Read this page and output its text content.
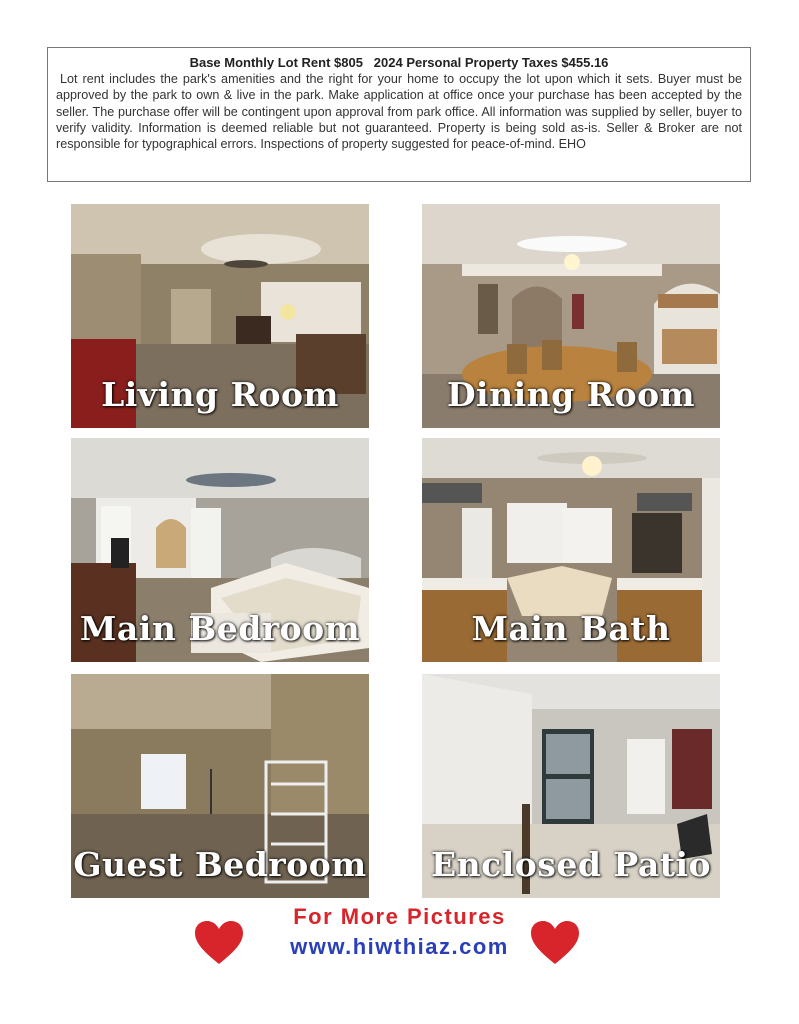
Base Monthly Lot Rent $805   2024 Personal Property Taxes $455.16
Lot rent includes the park's amenities and the right for your home to occupy the lot upon which it sets. Buyer must be approved by the park to own & live in the park. Make application at office once your purchase has been accepted by the seller. The purchase offer will be contingent upon approval from park office. All information was supplied by seller, buyer to verify validity. Information is deemed reliable but not guaranteed. Property is being sold as-is. Seller & Broker are not responsible for typographical errors. Inspections of property suggested for peace-of-mind. EHO
Living Room	Dining Room
Main Bedroom	Main Bath
Guest Bedroom Enclosed Patio
For More Pictures
www.hiwthiaz.com
